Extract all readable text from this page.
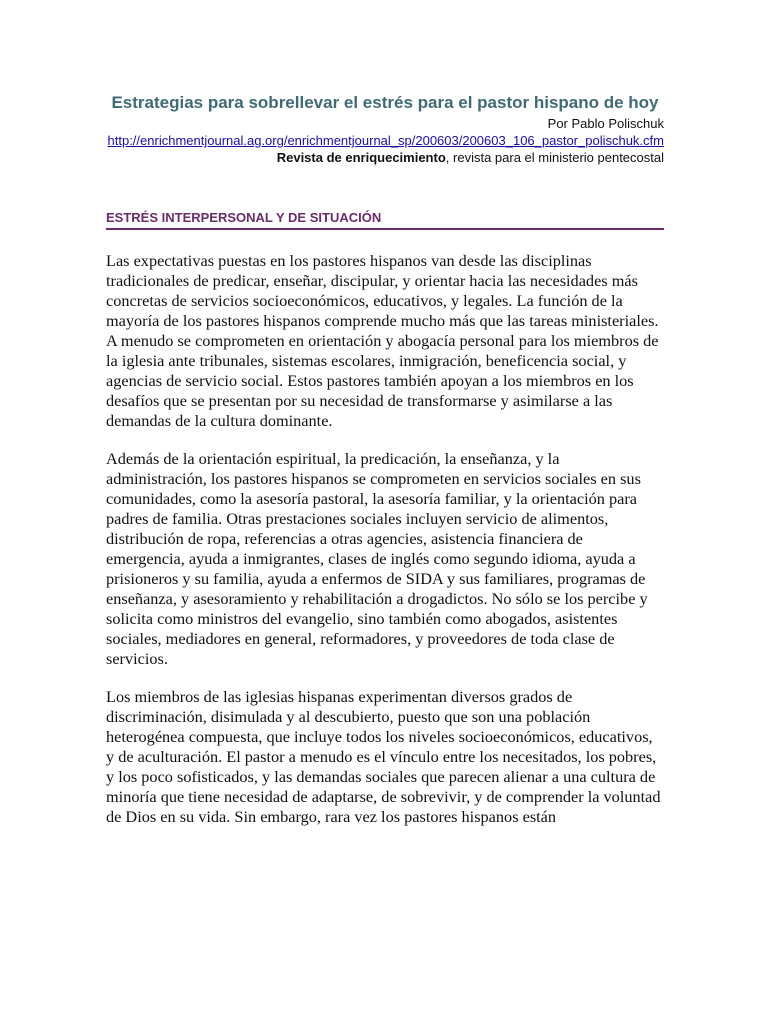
Estrategias para sobrellevar el estrés para el pastor hispano de hoy

Por Pablo Polischuk

http://enrichmentjournal.ag.org/enrichmentjournal_sp/200603/200603_106_pastor_polischuk.cfm

Revista de enriquecimiento, revista para el ministerio pentecostal

ESTRÉS INTERPERSONAL Y DE SITUACIÓN

Las expectativas puestas en los pastores hispanos van desde las disciplinas tradicionales de predicar, enseñar, discipular, y orientar hacia las necesidades más concretas de servicios socioeconómicos, educativos, y legales. La función de la mayoría de los pastores hispanos comprende mucho más que las tareas ministeriales. A menudo se comprometen en orientación y abogacía personal para los miembros de la iglesia ante tribunales, sistemas escolares, inmigración, beneficencia social, y agencias de servicio social. Estos pastores también apoyan a los miembros en los desafíos que se presentan por su necesidad de transformarse y asimilarse a las demandas de la cultura dominante.

Además de la orientación espiritual, la predicación, la enseñanza, y la administración, los pastores hispanos se comprometen en servicios sociales en sus comunidades, como la asesoría pastoral, la asesoría familiar, y la orientación para padres de familia. Otras prestaciones sociales incluyen servicio de alimentos, distribución de ropa, referencias a otras agencies, asistencia financiera de emergencia, ayuda a inmigrantes, clases de inglés como segundo idioma, ayuda a prisioneros y su familia, ayuda a enfermos de SIDA y sus familiares, programas de enseñanza, y asesoramiento y rehabilitación a drogadictos. No sólo se los percibe y solicita como ministros del evangelio, sino también como abogados, asistentes sociales, mediadores en general, reformadores, y proveedores de toda clase de servicios.

Los miembros de las iglesias hispanas experimentan diversos grados de discriminación, disimulada y al descubierto, puesto que son una población heterogénea compuesta, que incluye todos los niveles socioeconómicos, educativos, y de aculturación. El pastor a menudo es el vínculo entre los necesitados, los pobres, y los poco sofisticados, y las demandas sociales que parecen alienar a una cultura de minoría que tiene necesidad de adaptarse, de sobrevivir, y de comprender la voluntad de Dios en su vida. Sin embargo, rara vez los pastores hispanos están
